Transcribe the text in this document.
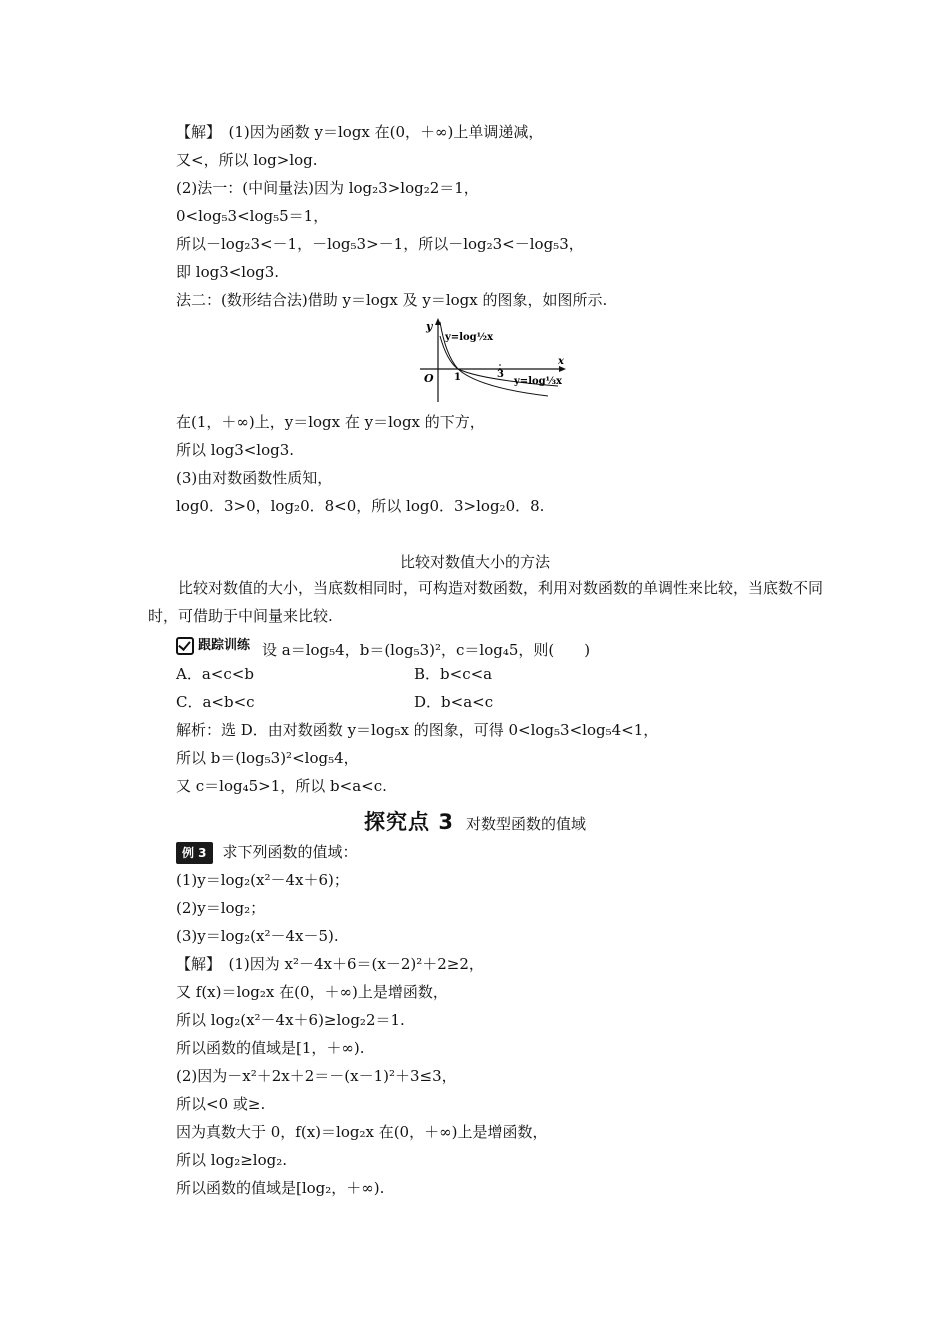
【解】　(1)因为函数 y＝logx 在(0，＋∞)上单调递减，
又<，所以 log>log.
(2)法一：(中间量法)因为 log₂3>log₂2＝1，
0<log₅3<log₅5＝1，
所以－log₂3<－1，－log₅3>－1，所以－log₂3<－log₅3，
即 log3<log3.
法二：(数形结合法)借助 y＝logx 及 y＝logx 的图象，如图所示.
y
x
O 1	3
y=log½x
y=log⅓x
在(1，＋∞)上，y＝logx 在 y＝logx 的下方，
所以 log3<log3.
(3)由对数函数性质知，
log0．3>0，log₂0．8<0，所以 log0．3>log₂0．8.
比较对数值大小的方法
比较对数值的大小，当底数相同时，可构造对数函数，利用对数函数的单调性来比较，当底数不同时，可借助于中间量来比较.
跟踪训练 设 a＝log₅4，b＝(log₅3)²，c＝log₄5，则(　　)
A．a<c<b	B．b<c<a
C．a<b<c	D．b<a<c
解析：选 D．由对数函数 y＝log₅x 的图象，可得 0<log₅3<log₅4<1，
所以 b＝(log₅3)²<log₅4，
又 c＝log₄5>1，所以 b<a<c.
探究点 3 对数型函数的值域
例 3 求下列函数的值域：
(1)y＝log₂(x²－4x＋6)；
(2)y＝log₂；
(3)y＝log₂(x²－4x－5).
【解】　(1)因为 x²－4x＋6＝(x－2)²＋2≥2，
又 f(x)＝log₂x 在(0，＋∞)上是增函数，
所以 log₂(x²－4x＋6)≥log₂2＝1.
所以函数的值域是[1，＋∞).
(2)因为－x²＋2x＋2＝－(x－1)²＋3≤3，
所以<0 或≥.
因为真数大于 0，f(x)＝log₂x 在(0，＋∞)上是增函数，
所以 log₂≥log₂.
所以函数的值域是[log₂，＋∞).
